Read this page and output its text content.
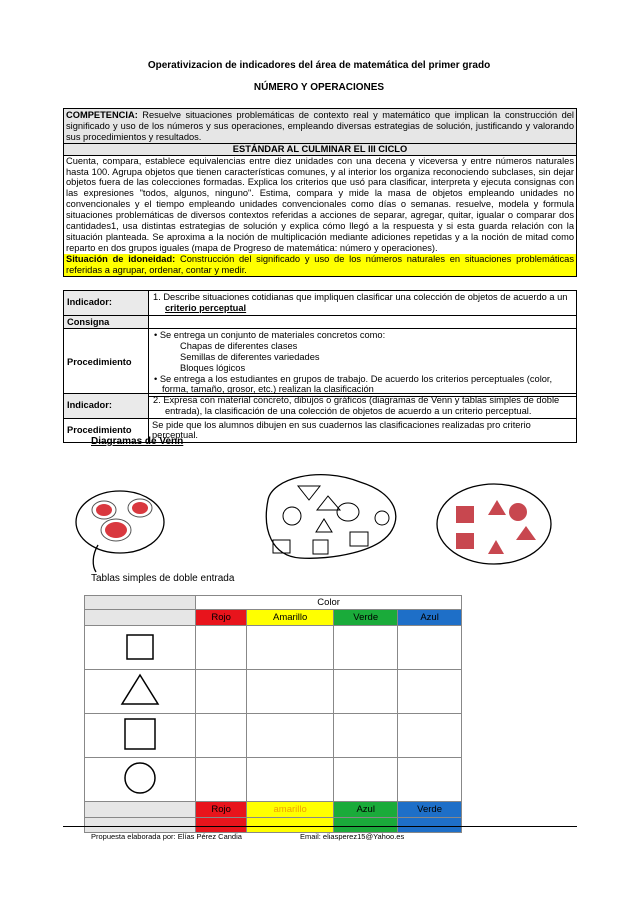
Operativizacion de indicadores del área de matemática del primer grado
NÚMERO Y OPERACIONES

COMPETENCIA: Resuelve situaciones problemáticas de contexto real y matemático que implican la construcción del significado y uso de los números y sus operaciones, empleando diversas estrategias de solución, justificando y valorando sus procedimientos y resultados.

ESTÁNDAR AL CULMINAR EL III CICLO

Cuenta, compara, establece equivalencias entre diez unidades con una decena y viceversa y entre números naturales hasta 100. Agrupa objetos que tienen características comunes, y al interior los organiza reconociendo subclases, sin dejar objetos fuera de las colecciones formadas. Explica los criterios que usó para clasificar, interpreta y ejecuta consignas con las expresiones "todos, algunos, ninguno". Estima, compara y mide la masa de objetos empleando unidades no convencionales y el tiempo empleando unidades convencionales como días o semanas. resuelve, modela y formula situaciones problemáticas de diversos contextos referidas a acciones de separar, agregar, quitar, igualar o comparar dos cantidades1, usa distintas estrategias de solución y explica cómo llegó a la respuesta y si esta guarda relación con la situación planteada. Se aproxima a la noción de multiplicación mediante adiciones repetidas y a la noción de mitad como reparto en dos grupos iguales (mapa de Progreso de matemática: número y operaciones).

Situación de idoneidad: Construcción del significado y uso de los números naturales en situaciones problemáticas referidas a agrupar, ordenar, contar y medir.

Indicador:	1. Describe situaciones cotidianas que impliquen clasificar una colección de objetos de acuerdo a un criterio perceptual
Consigna	
Procedimiento	• Se entrega un conjunto de materiales concretos como:
Chapas de diferentes clases
Semillas de diferentes variedades
Bloques lógicos
• Se entrega a los estudiantes en grupos de trabajo. De acuerdo los criterios perceptuales (color, forma, tamaño, grosor, etc.) realizan la clasificación
Indicador:	2. Expresa con material concreto, dibujos o gráficos (diagramas de Venn y tablas simples de doble entrada), la clasificación de una colección de objetos de acuerdo a un criterio perceptual.
Procedimiento	Se pide que los alumnos dibujen en sus cuadernos las clasificaciones realizadas pro criterio perceptual.
Diagramas de Venn
Tablas simples de doble entrada
	Color			
	Rojo	Amarillo	Verde	Azul

	Rojo	amarillo	Azul	Verde

Propuesta elaborada por: Elías Pérez Candia	Email: eliasperez15@Yahoo.es
